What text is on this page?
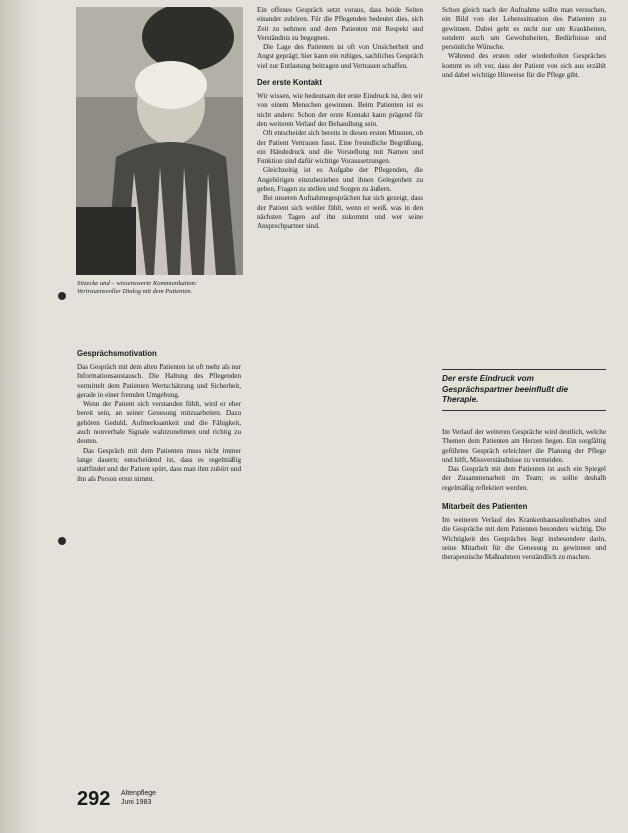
Sitzecke und – wissenswerte Kommunikation: Vertrauensvoller Dialog mit dem Patienten.
Gesprächsmotivation

Das Gespräch mit dem alten Patienten ist oft mehr als nur Informationsaustausch. Die Haltung des Pflegenden vermittelt dem Patienten Wertschätzung und Sicherheit, gerade in einer fremden Umgebung.

Wenn der Patient sich verstanden fühlt, wird er eher bereit sein, an seiner Genesung mitzuarbeiten. Dazu gehören Geduld, Aufmerksamkeit und die Fähigkeit, auch nonverbale Signale wahrzunehmen und richtig zu deuten.

Das Gespräch mit dem Patienten muss nicht immer lange dauern; entscheidend ist, dass es regelmäßig stattfindet und der Patient spürt, dass man ihm zuhört und ihn als Person ernst nimmt.

Ein offenes Gespräch setzt voraus, dass beide Seiten einander zuhören. Für die Pflegenden bedeutet dies, sich Zeit zu nehmen und dem Patienten mit Respekt und Verständnis zu begegnen.

Die Lage des Patienten ist oft von Unsicherheit und Angst geprägt; hier kann ein ruhiges, sachliches Gespräch viel zur Entlastung beitragen und Vertrauen schaffen.

Der erste Kontakt

Wir wissen, wie bedeutsam der erste Eindruck ist, den wir von einem Menschen gewinnen. Beim Patienten ist es nicht anders: Schon der erste Kontakt kann prägend für den weiteren Verlauf der Behandlung sein.

Oft entscheidet sich bereits in diesen ersten Minuten, ob der Patient Vertrauen fasst. Eine freundliche Begrüßung, ein Händedruck und die Vorstellung mit Namen und Funktion sind dafür wichtige Voraussetzungen.

Gleichzeitig ist es Aufgabe der Pflegenden, die Angehörigen einzubeziehen und ihnen Gelegenheit zu geben, Fragen zu stellen und Sorgen zu äußern.

Bei unseren Aufnahmegesprächen hat sich gezeigt, dass der Patient sich wohler fühlt, wenn er weiß, was in den nächsten Tagen auf ihn zukommt und wer seine Ansprechpartner sind.

Schon gleich nach der Aufnahme sollte man versuchen, ein Bild von der Lebenssituation des Patienten zu gewinnen. Dabei geht es nicht nur um Krankheiten, sondern auch um Gewohnheiten, Bedürfnisse und persönliche Wünsche.

Während des ersten oder wiederholten Gespräches kommt es oft vor, dass der Patient von sich aus erzählt und dabei wichtige Hinweise für die Pflege gibt.

Der erste Eindruck vom Gesprächspartner beeinflußt die Therapie.

Im Verlauf der weiteren Gespräche wird deutlich, welche Themen dem Patienten am Herzen liegen. Ein sorgfältig geführtes Gespräch erleichtert die Planung der Pflege und hilft, Missverständnisse zu vermeiden.

Das Gespräch mit dem Patienten ist auch ein Spiegel der Zusammenarbeit im Team; es sollte deshalb regelmäßig reflektiert werden.

Mitarbeit des Patienten

Im weiteren Verlauf des Krankenhausaufenthaltes sind die Gespräche mit dem Patienten besonders wichtig. Die Wichtigkeit des Gespräches liegt insbesondere darin, seine Mitarbeit für die Genesung zu gewinnen und therapeutische Maßnahmen verständlich zu machen.

292 Altenpflege
Juni 1983
